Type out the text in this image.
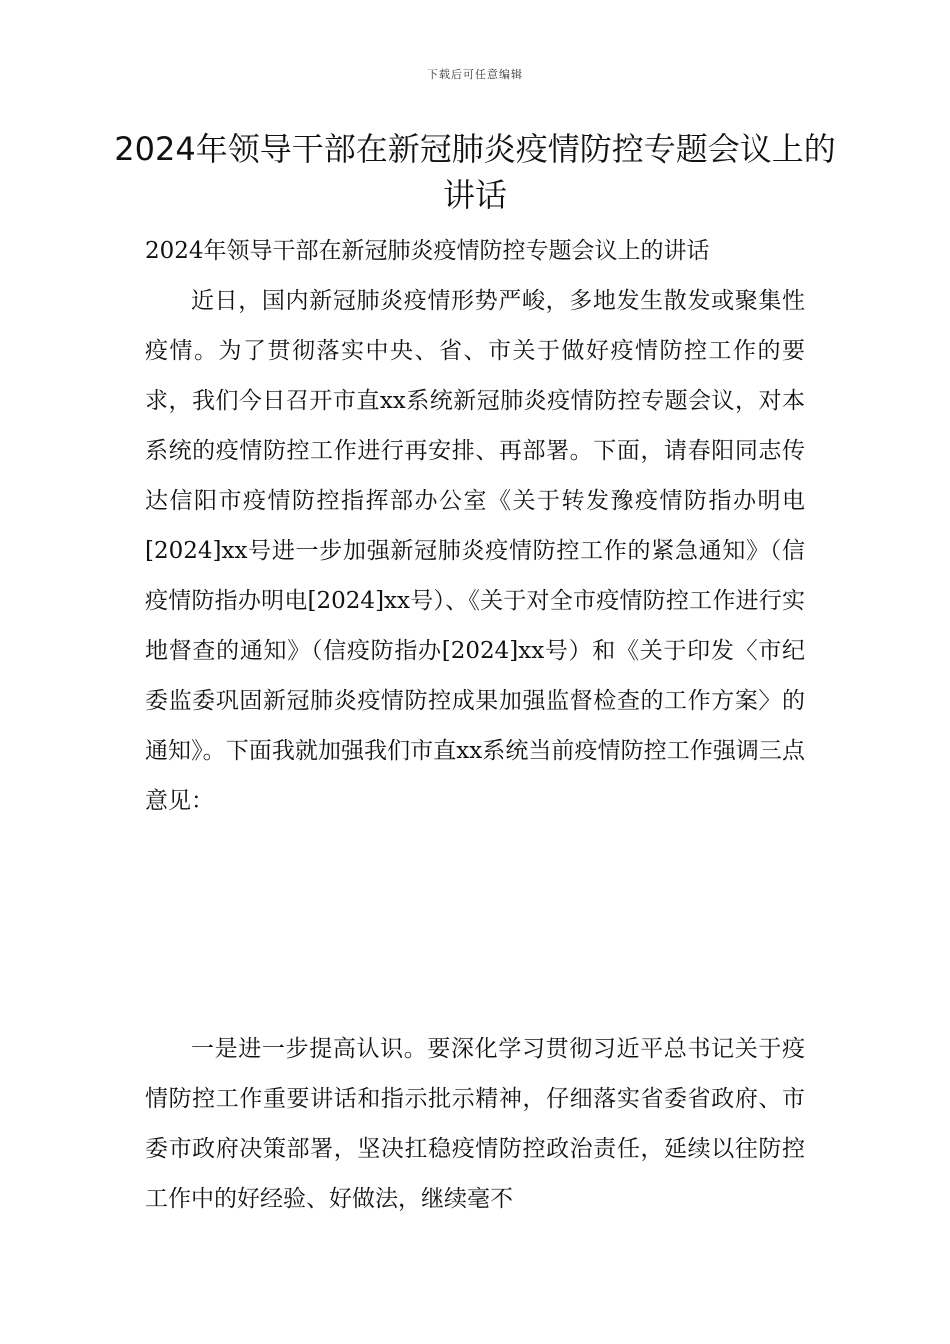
下载后可任意编辑
2024年领导干部在新冠肺炎疫情防控专题会议上的讲话

2024年领导干部在新冠肺炎疫情防控专题会议上的讲话

近日，国内新冠肺炎疫情形势严峻，多地发生散发或聚集性疫情。为了贯彻落实中央、省、市关于做好疫情防控工作的要求，我们今日召开市直xx系统新冠肺炎疫情防控专题会议，对本系统的疫情防控工作进行再安排、再部署。下面，请春阳同志传达信阳市疫情防控指挥部办公室《关于转发豫疫情防指办明电[2024]xx号进一步加强新冠肺炎疫情防控工作的紧急通知》（信疫情防指办明电[2024]xx号）、《关于对全市疫情防控工作进行实地督查的通知》（信疫防指办[2024]xx号）和《关于印发〈市纪委监委巩固新冠肺炎疫情防控成果加强监督检查的工作方案〉的通知》。下面我就加强我们市直xx系统当前疫情防控工作强调三点意见：

一是进一步提高认识。要深化学习贯彻习近平总书记关于疫情防控工作重要讲话和指示批示精神，仔细落实省委省政府、市委市政府决策部署，坚决扛稳疫情防控政治责任，延续以往防控工作中的好经验、好做法，继续毫不
